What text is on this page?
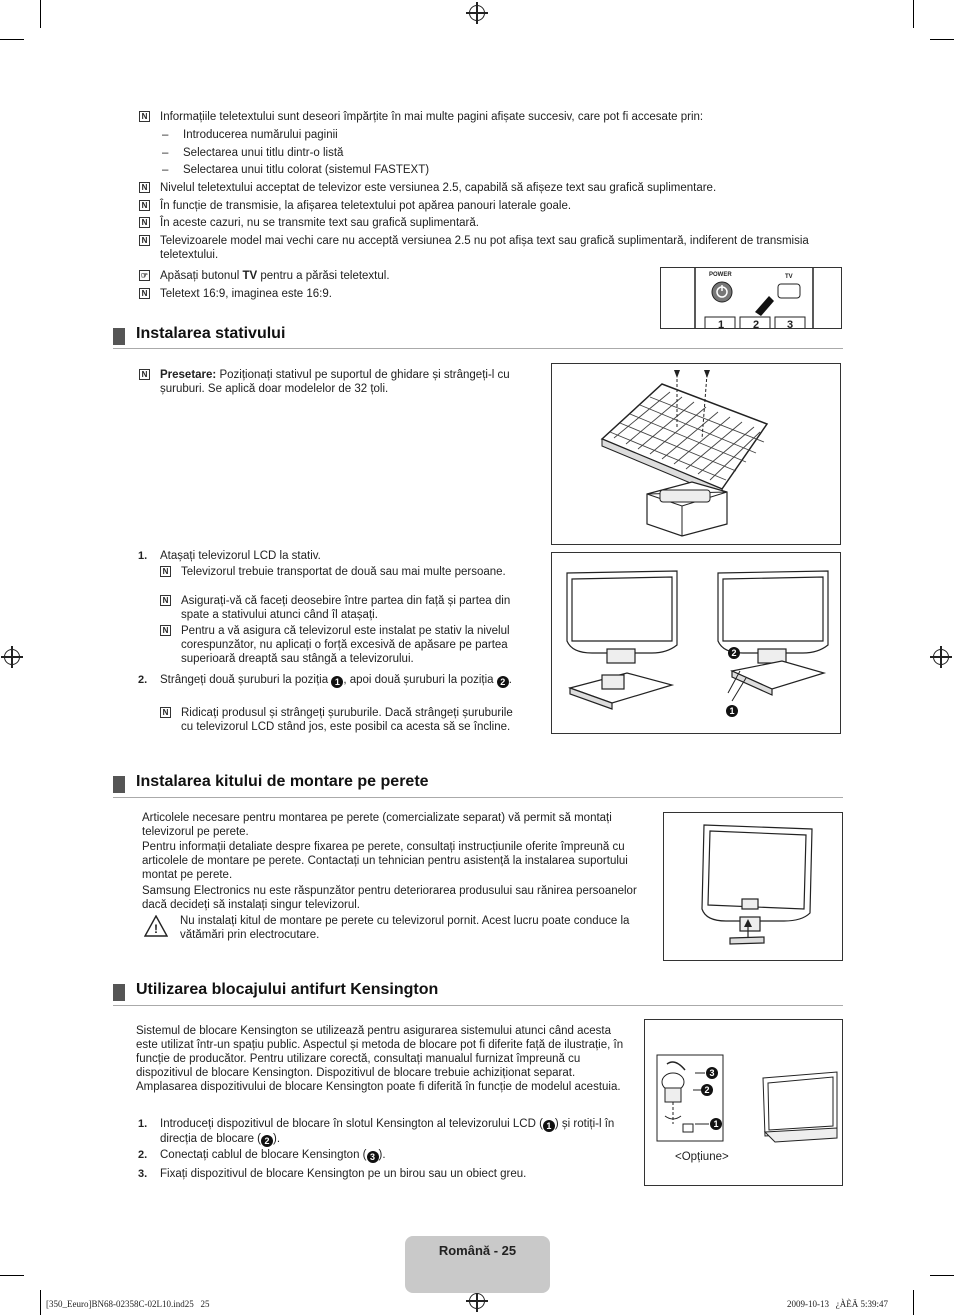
N Informațiile teletextului sunt deseori împărțite în mai multe pagini afișate succesiv, care pot fi accesate prin:
– Introducerea numărului paginii
– Selectarea unui titlu dintr-o listă
– Selectarea unui titlu colorat (sistemul FASTEXT)
N Nivelul teletextului acceptat de televizor este versiunea 2.5, capabilă să afișeze text sau grafică suplimentare.
N În funcție de transmisie, la afișarea teletextului pot apărea panouri laterale goale.
N În aceste cazuri, nu se transmite text sau grafică suplimentară.
N Televizoarele model mai vechi care nu acceptă versiunea 2.5 nu pot afișa text sau grafică suplimentară, indiferent de transmisia teletextului.
☞ Apăsați butonul TV pentru a părăsi teletextul.
N Teletext 16:9, imaginea este 16:9.
POWER	TV
1	2	3
Instalarea stativului
N Presetare: Poziționați stativul pe suportul de ghidare și strângeți-l cu șuruburi. Se aplică doar modelelor de 32 țoli.
1. Atașați televizorul LCD la stativ.
N Televizorul trebuie transportat de două sau mai multe persoane.
N Asigurați-vă că faceți deosebire între partea din față și partea din spate a stativului atunci când îl atașați.
N Pentru a vă asigura că televizorul este instalat pe stativ la nivelul corespunzător, nu aplicați o forță excesivă de apăsare pe partea superioară dreaptă sau stângă a televizorului.
2. Strângeți două șuruburi la poziția 1 , apoi două șuruburi la poziția 2 .
N Ridicați produsul și strângeți șuruburile. Dacă strângeți șuruburile cu televizorul LCD stând jos, este posibil ca acesta să se încline.
2
1
Instalarea kitului de montare pe perete
Articolele necesare pentru montarea pe perete (comercializate separat) vă permit să montați televizorul pe perete.
Pentru informații detaliate despre fixarea pe perete, consultați instrucțiunile oferite împreună cu articolele de montare pe perete. Contactați un tehnician pentru asistență la instalarea suportului montat pe perete.
Samsung Electronics nu este răspunzător pentru deteriorarea produsului sau rănirea persoanelor dacă decideți să instalați singur televizorul.
!
Nu instalați kitul de montare pe perete cu televizorul pornit. Acest lucru poate conduce la vătămări prin electrocutare.
Utilizarea blocajului antifurt Kensington
Sistemul de blocare Kensington se utilizează pentru asigurarea sistemului atunci când acesta este utilizat într-un spațiu public. Aspectul și metoda de blocare pot fi diferite față de ilustrație, în funcție de producător. Pentru utilizare corectă, consultați manualul furnizat împreună cu dispozitivul de blocare Kensington. Dispozitivul de blocare trebuie achiziționat separat. Amplasarea dispozitivului de blocare Kensington poate fi diferită în funcție de modelul acestuia.
1. Introduceți dispozitivul de blocare în slotul Kensington al televizorului LCD ( 1 ) și rotiți-l în direcția de blocare ( 2 ).
2. Conectați cablul de blocare Kensington ( 3 ).
3. Fixați dispozitivul de blocare Kensington pe un birou sau un obiect greu.
3
2
1
<Opțiune>
Română - 25
[350_Eeuro]BN68-02358C-02L10.ind25   25	2009-10-13   ¿ÀÈÄ 5:39:47
